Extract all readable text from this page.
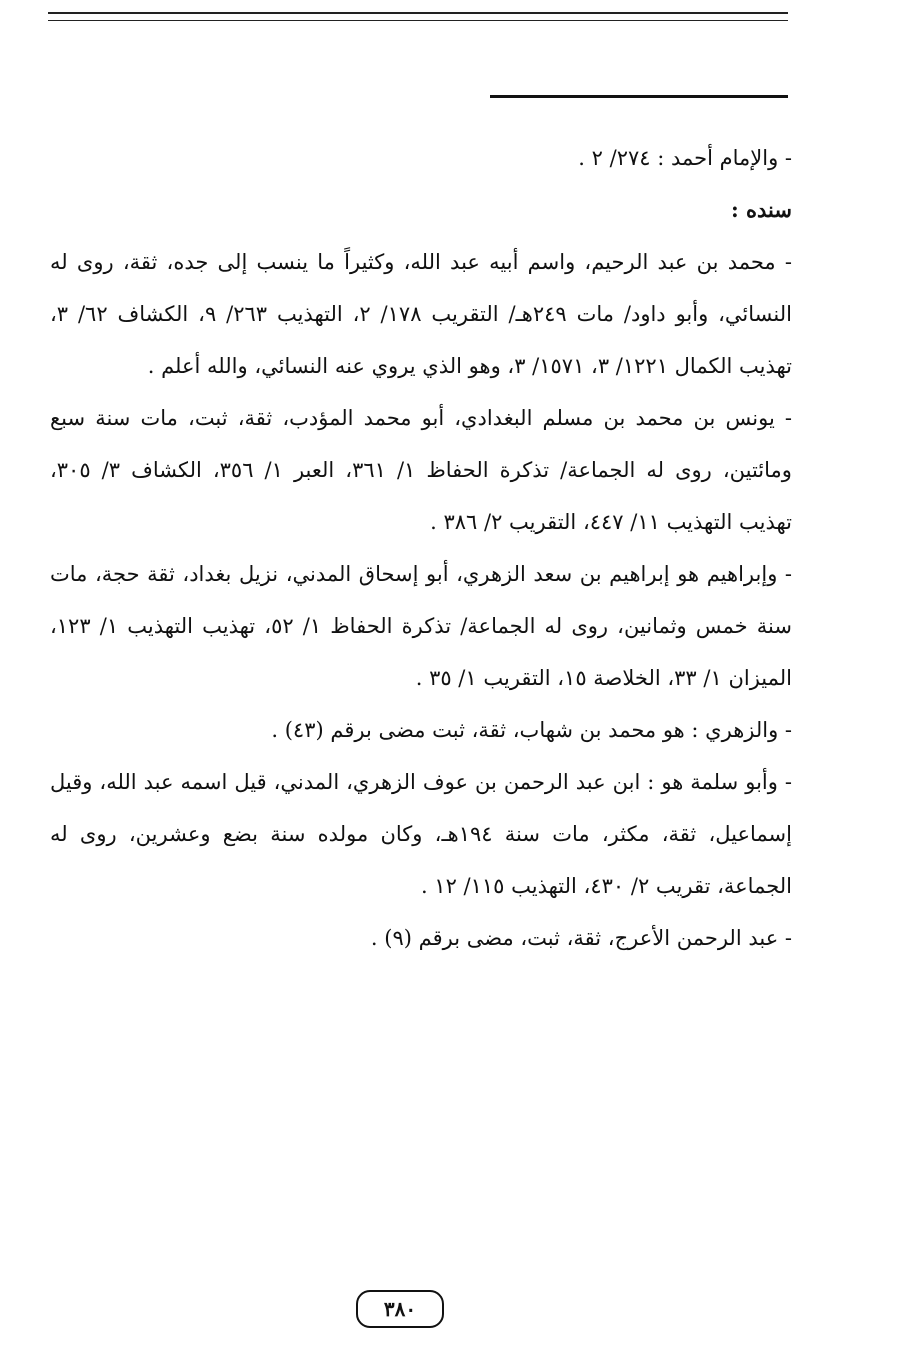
- والإمام أحمد : ٢٧٤/ ٢ .

سنده :

- محمد بن عبد الرحيم، واسم أبيه عبد الله، وكثيراً ما ينسب إلى جده، ثقة، روى له النسائي، وأبو داود/ مات ٢٤٩هـ/ التقريب ١٧٨/ ٢، التهذيب ٢٦٣/ ٩، الكشاف ٦٢/ ٣، تهذيب الكمال ١٢٢١/ ٣، ١٥٧١/ ٣، وهو الذي يروي عنه النسائي، والله أعلم .

- يونس بن محمد بن مسلم البغدادي، أبو محمد المؤدب، ثقة، ثبت، مات سنة سبع ومائتين، روى له الجماعة/ تذكرة الحفاظ ١/ ٣٦١، العبر ١/ ٣٥٦، الكشاف ٣/ ٣٠٥، تهذيب التهذيب ١١/ ٤٤٧، التقريب ٢/ ٣٨٦ .

- وإبراهيم هو إبراهيم بن سعد الزهري، أبو إسحاق المدني، نزيل بغداد، ثقة حجة، مات سنة خمس وثمانين، روى له الجماعة/ تذكرة الحفاظ ١/ ٥٢، تهذيب التهذيب ١/ ١٢٣، الميزان ١/ ٣٣، الخلاصة ١٥، التقريب ١/ ٣٥ .

- والزهري : هو محمد بن شهاب، ثقة، ثبت مضى برقم (٤٣) .

- وأبو سلمة هو : ابن عبد الرحمن بن عوف الزهري، المدني، قيل اسمه عبد الله، وقيل إسماعيل، ثقة، مكثر، مات سنة ١٩٤هـ، وكان مولده سنة بضع وعشرين، روى له الجماعة، تقريب ٢/ ٤٣٠، التهذيب ١١٥/ ١٢ .

- عبد الرحمن الأعرج، ثقة، ثبت، مضى برقم (٩) .

٣٨٠
